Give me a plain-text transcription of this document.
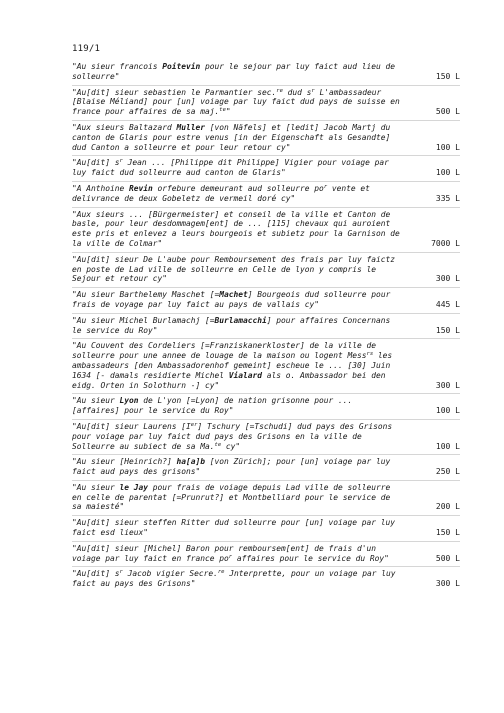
119/1
"Au sieur francois Poitevin pour le sejour par luy faict aud lieu de solleurre"	150 L
"Au[dit] sieur sebastien le Parmantier sec.$^{re}$ dud $s^r$ L'ambassadeur [Blaise Méliand] pour [un] voiage par luy faict dud pays de suisse en france pour affaires de sa maj.$^{te}$"	500 L
"Aux sieurs Baltazard Muller [von Näfels] et [ledit] Jacob Martj du canton de Glaris pour estre venus [in der Eigenschaft als Gesandte] dud Canton a solleurre et pour leur retour cy"	100 L
"Au[dit] $s^r$ Jean ... [Philippe dit Philippe] Vigier pour voiage par luy faict dud solleurre aud canton de Glaris"	100 L
"A Anthoine Revin orfebure demeurant aud solleurre $po^r$ vente et delivrance de deux Gobeletz de vermeil doré cy"	335 L
"Aux sieurs ... [Bürgermeister] et conseil de la ville et Canton de basle, pour leur desdommagem[ent] de ... [115] chevaux qui auroient este pris et enlevez a leurs bourgeois et subietz pour la Garnison de la ville de Colmar"	7000 L
"Au[dit] sieur De L'aube pour Remboursement des frais par luy faictz en poste de Lad ville de solleurre en Celle de lyon y compris le Sejour et retour cy"	300 L
"Au sieur Barthelemy Maschet [=Machet] Bourgeois dud solleurre pour frais de voyage par luy faict au pays de vallais cy"	445 L
"Au sieur Michel Burlamachj [=Burlamacchi] pour affaires Concernans le service du Roy"	150 L
"Au Couvent des Cordeliers [=Franziskanerkloster] de la ville de solleurre pour une annee de louage de la maison ou logent Mess$^{rs}$ les ambassadeurs [den Ambassadorenhof gemeint] escheue le ... [30] Juin 1634 [- damals residierte Michel Vialard als o. Ambassador bei den eidg. Orten in Solothurn -] cy"	300 L
"Au sieur Lyon de L'yon [=Lyon] de nation grisonne pour ... [affaires] pour le service du Roy"	100 L
"Au[dit] sieur Laurens [Ier] Tschury [=Tschudi] dud pays des Grisons pour voiage par luy faict dud pays des Grisons en la ville de Solleurre au subiect de sa Ma.$^{te}$ cy"	100 L
"Au sieur [Heinrich?] ha[a]b [von Zürich]; pour [un] voiage par luy faict aud pays des grisons"	250 L
"Au sieur le Jay pour frais de voiage depuis Lad ville de solleurre en celle de parentat [=Prunrut?] et Montbelliard pour le service de sa maiesté"	200 L
"Au[dit] sieur steffen Ritter dud solleurre pour [un] voiage par luy faict esd lieux"	150 L
"Au[dit] sieur [Michel] Baron pour remboursem[ent] de frais d'un voiage par luy faict en france $po^r$ affaires pour le service du Roy"	500 L
"Au[dit] $s^r$ Jacob vigier Secre.$^{re}$ Jnterprette, pour un voiage par luy faict au pays des Grisons"	300 L
